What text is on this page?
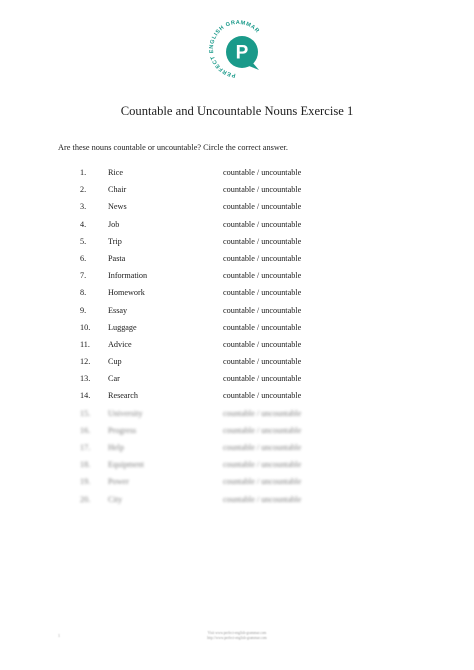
PERFECT ENGLISH GRAMMAR
P
Countable and Uncountable Nouns Exercise 1
Are these nouns countable or uncountable? Circle the correct answer.
1.	Rice	countable / uncountable
2.	Chair	countable / uncountable
3.	News	countable / uncountable
4.	Job	countable / uncountable
5.	Trip	countable / uncountable
6.	Pasta	countable / uncountable
7.	Information	countable / uncountable
8.	Homework	countable / uncountable
9.	Essay	countable / uncountable
10. Luggage	countable / uncountable
11. Advice	countable / uncountable
12. Cup	countable / uncountable
13. Car	countable / uncountable
14. Research	countable / uncountable
15. University	countable / uncountable
16. Progress	countable / uncountable
17. Help	countable / uncountable
18. Equipment	countable / uncountable
19. Power	countable / uncountable
20. City	countable / uncountable
1	Visit www.perfect-english-grammar.com
http://www.perfect-english-grammar.com
